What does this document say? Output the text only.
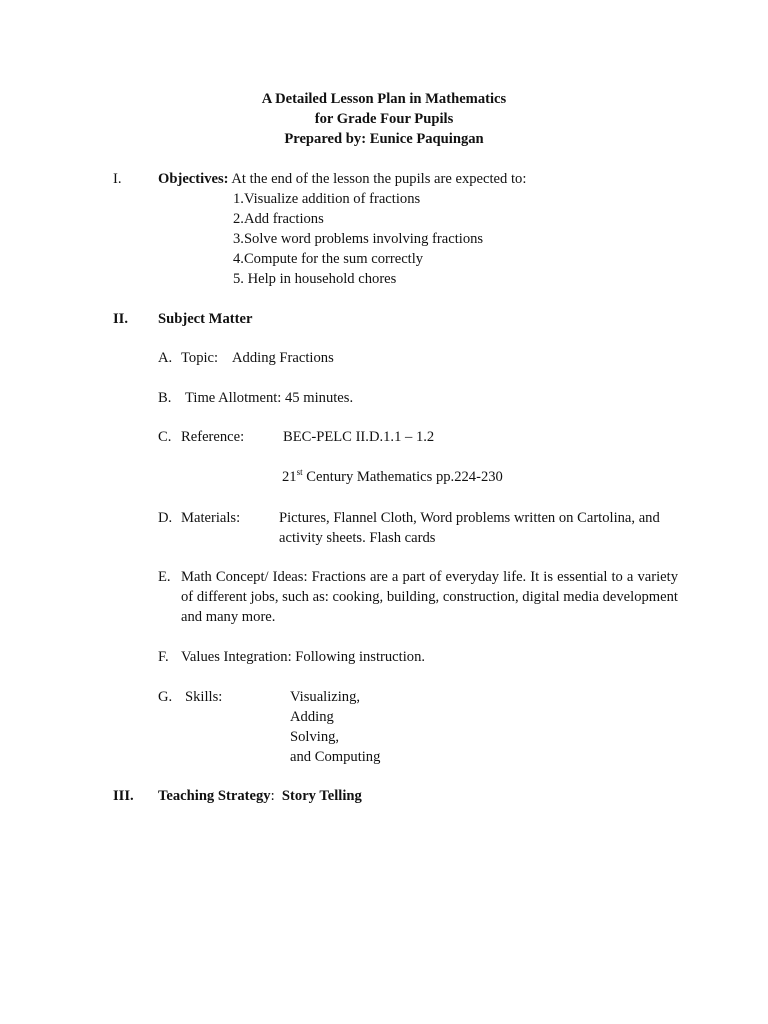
A Detailed Lesson Plan in Mathematics
for Grade Four Pupils
Prepared by: Eunice Paquingan
I. Objectives: At the end of the lesson the pupils are expected to:
1.Visualize addition of fractions
2.Add fractions
3.Solve word problems involving fractions
4.Compute for the sum correctly
5. Help in household chores
II. Subject Matter
A. Topic: Adding Fractions
B. Time Allotment: 45 minutes.
C. Reference:	BEC-PELC II.D.1.1 – 1.2
21st Century Mathematics pp.224-230
D. Materials:	Pictures, Flannel Cloth, Word problems written on Cartolina, and
activity sheets. Flash cards
E. Math Concept/ Ideas: Fractions are a part of everyday life. It is essential to a variety of different jobs, such as: cooking, building, construction, digital media development and many more.
F. Values Integration: Following instruction.
G. Skills:	Visualizing,
Adding
Solving,
and Computing
III. Teaching Strategy: Story Telling
